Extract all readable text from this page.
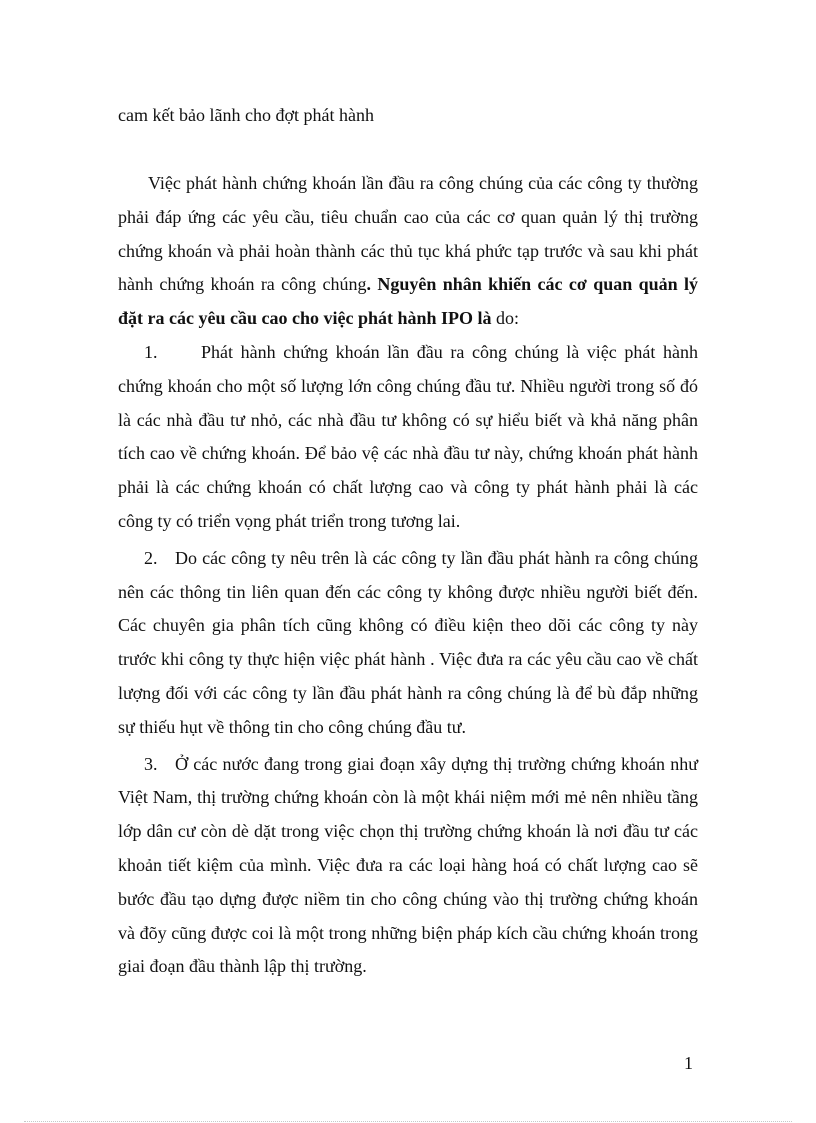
cam kết bảo lãnh cho đợt phát hành

Việc phát hành chứng khoán lần đầu ra công chúng của các công ty thường phải đáp ứng các yêu cầu, tiêu chuẩn cao của các cơ quan quản lý thị trường chứng khoán và phải hoàn thành các thủ tục khá phức tạp trước và sau khi phát hành chứng khoán ra công chúng. Nguyên nhân khiến các cơ quan quản lý đặt ra các yêu cầu cao cho việc phát hành IPO là do:

1. Phát hành chứng khoán lần đầu ra công chúng là việc phát hành chứng khoán cho một số lượng lớn công chúng đầu tư. Nhiều người trong số đó là các nhà đầu tư nhỏ, các nhà đầu tư không có sự hiểu biết và khả năng phân tích cao về chứng khoán. Để bảo vệ các nhà đầu tư này, chứng khoán phát hành phải là các chứng khoán có chất lượng cao và công ty phát hành phải là các công ty có triển vọng phát triển trong tương lai.
2. Do các công ty nêu trên là các công ty lần đầu phát hành ra công chúng nên các thông tin liên quan đến các công ty không được nhiều người biết đến. Các chuyên gia phân tích cũng không có điều kiện theo dõi các công ty này trước khi công ty thực hiện việc phát hành . Việc đưa ra các yêu cầu cao về chất lượng đối với các công ty lần đầu phát hành ra công chúng là để bù đắp những sự thiếu hụt về thông tin cho công chúng đầu tư.
3. Ở các nước đang trong giai đoạn xây dựng thị trường chứng khoán như Việt Nam, thị trường chứng khoán còn là một khái niệm mới mẻ nên nhiều tầng lớp dân cư còn dè dặt trong việc chọn thị trường chứng khoán là nơi đầu tư các khoản tiết kiệm của mình. Việc đưa ra các loại hàng hoá có chất lượng cao sẽ bước đầu tạo dựng được niềm tin cho công chúng vào thị trường chứng khoán và đõy cũng được coi là một trong những biện pháp kích cầu chứng khoán trong giai đoạn đầu thành lập thị trường.
1
